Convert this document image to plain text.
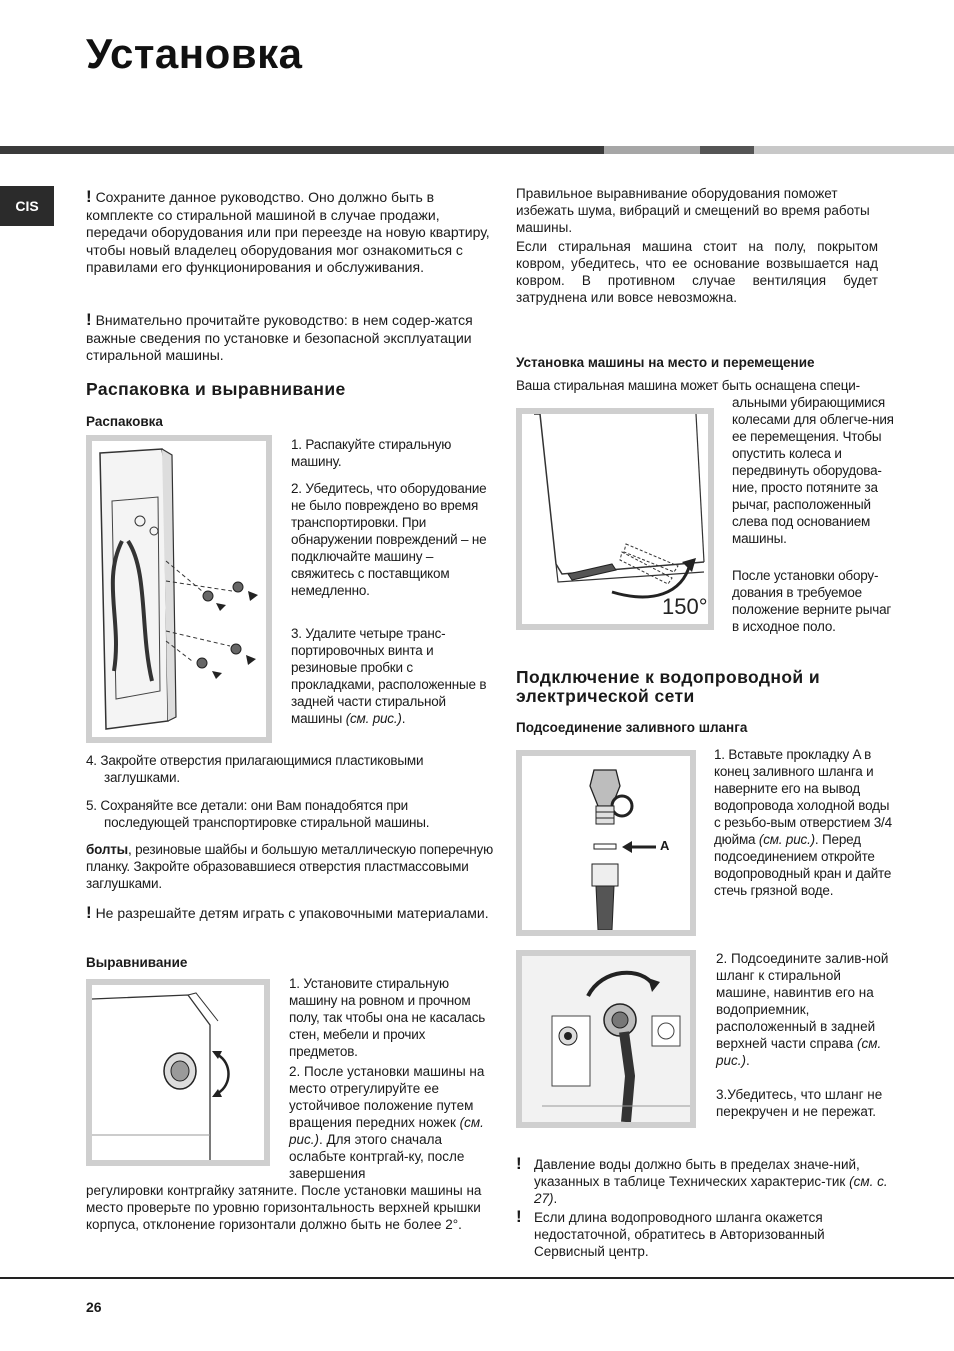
Установка
CIS	! Сохраните данное руководство. Оно должно быть в комплекте со стиральной машиной в случае продажи, передачи оборудования или при переезде на новую квартиру, чтобы новый владелец оборудования мог ознакомиться с правилами его функционирования и обслуживания.
! Внимательно прочитайте руководство: в нем содер-жатся важные сведения по установке и безопасной эксплуатации стиральной машины.
Распаковка и выравнивание
Распаковка
1. Распакуйте стиральную машину.
2. Убедитесь, что оборудование не было повреждено во время транспортировки. При обнаружении повреждений – не подключайте машину – свяжитесь с поставщиком немедленно.
3. Удалите четыре транс-портировочных винта и резиновые пробки с прокладками, расположенные в задней части стиральной машины (см. рис.).
4. Закройте отверстия прилагающимися пластиковыми заглушками.
5. Сохраняйте все детали: они Вам понадобятся при последующей транспортировке стиральной машины.
болты, резиновые шайбы и большую металлическую поперечную планку. Закройте образовавшиеся отверстия пластмассовыми заглушками.
! Не разрешайте детям играть с упаковочными материалами.
Выравнивание
1. Установите стиральную машину на ровном и прочном полу, так чтобы она не касалась стен, мебели и прочих предметов.
2. После установки машины на место отрегулируйте ее устойчивое положение путем вращения передних ножек (см. рис.). Для этого сначала ослабьте контргай-ку, после завершения
регулировки контргайку затяните. После установки машины на место проверьте по уровню горизонтальность верхней крышки корпуса, отклонение горизонтали должно быть не более 2°.
Правильное выравнивание оборудования поможет избежать шума, вибраций и смещений во время работы машины.
Если стиральная машина стоит на полу, покрытом ковром, убедитесь, что ее основание возвышается над ковром. В противном случае вентиляция будет затруднена или вовсе невозможна.
Установка машины на место и перемещение
Ваша стиральная машина может быть оснащена специ-
150°
альными убирающимися колесами для облегче-ния ее перемещения. Чтобы опустить колеса и передвинуть оборудова-ние, просто потяните за рычаг, расположенный слева под основанием машины.
После установки обору-дования в требуемое положение верните рычаг в исходное поло.
Подключение к водопроводной и электрической сети
Подсоединение заливного шланга
A
1. Вставьте прокладку A в конец заливного шланга и наверните его на вывод водопровода холодной воды с резьбо-вым отверстием 3/4 дюйма (см. рис.). Перед подсоединением откройте водопроводный кран и дайте стечь грязной воде.
2. Подсоедините залив-ной шланг к стиральной машине, навинтив его на водоприемник, расположенный в задней верхней части справа (см. рис.).
3.Убедитесь, что шланг не перекручен и не пережат.
! Давление воды должно быть в пределах значе-ний, указанных в таблице Технических характерис-тик (см. с. 27).
! Если длина водопроводного шланга окажется недостаточной, обратитесь в Авторизованный Сервисный центр.
26
